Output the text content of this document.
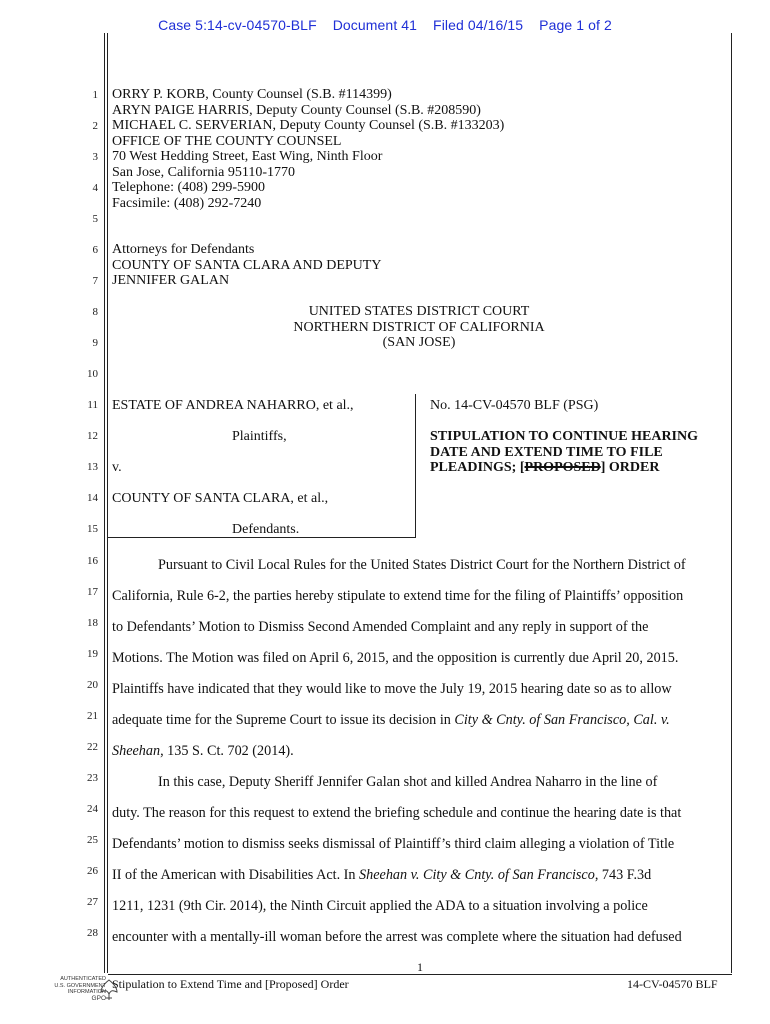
Case 5:14-cv-04570-BLF Document 41 Filed 04/16/15 Page 1 of 2
1
2
3
4
5
6
7
8
9
10
11
12
13
14
15
16
17
18
19
20
21
22
23
24
25
26
27
28
ORRY P. KORB, County Counsel (S.B. #114399)
ARYN PAIGE HARRIS, Deputy County Counsel (S.B. #208590)
MICHAEL C. SERVERIAN, Deputy County Counsel (S.B. #133203)
OFFICE OF THE COUNTY COUNSEL
70 West Hedding Street, East Wing, Ninth Floor
San Jose, California 95110-1770
Telephone: (408) 299-5900
Facsimile: (408) 292-7240
Attorneys for Defendants
COUNTY OF SANTA CLARA AND DEPUTY
JENNIFER GALAN
UNITED STATES DISTRICT COURT
NORTHERN DISTRICT OF CALIFORNIA
(SAN JOSE)
ESTATE OF ANDREA NAHARRO, et al.,
Plaintiffs,
v.
COUNTY OF SANTA CLARA, et al.,
Defendants.
No. 14-CV-04570 BLF (PSG)
STIPULATION TO CONTINUE HEARING
DATE AND EXTEND TIME TO FILE
PLEADINGS; [PROPOSED] ORDER
Pursuant to Civil Local Rules for the United States District Court for the Northern District of
California, Rule 6-2, the parties hereby stipulate to extend time for the filing of Plaintiffs’ opposition
to Defendants’ Motion to Dismiss Second Amended Complaint and any reply in support of the
Motions. The Motion was filed on April 6, 2015, and the opposition is currently due April 20, 2015.
Plaintiffs have indicated that they would like to move the July 19, 2015 hearing date so as to allow
adequate time for the Supreme Court to issue its decision in City & Cnty. of San Francisco, Cal. v.
Sheehan, 135 S. Ct. 702 (2014).
In this case, Deputy Sheriff Jennifer Galan shot and killed Andrea Naharro in the line of
duty. The reason for this request to extend the briefing schedule and continue the hearing date is that
Defendants’ motion to dismiss seeks dismissal of Plaintiff’s third claim alleging a violation of Title
II of the American with Disabilities Act. In Sheehan v. City & Cnty. of San Francisco, 743 F.3d
1211, 1231 (9th Cir. 2014), the Ninth Circuit applied the ADA to a situation involving a police
encounter with a mentally-ill woman before the arrest was complete where the situation had defused
1
Stipulation to Extend Time and [Proposed] Order	14-CV-04570 BLF
AUTHENTICATED
U.S. GOVERNMENT
INFORMATION
GPO
